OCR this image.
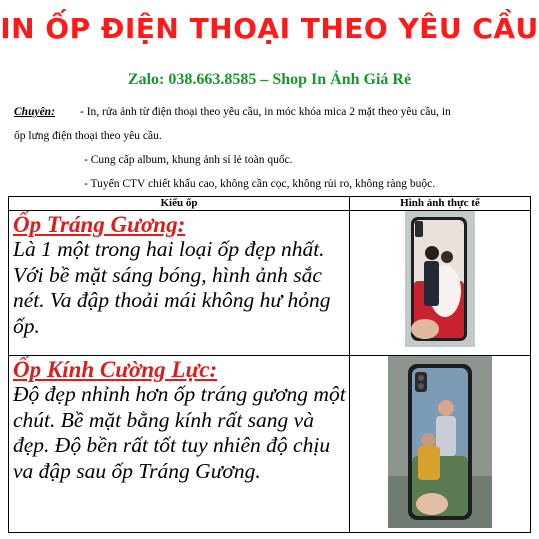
IN ỐP ĐIỆN THOẠI THEO YÊU CẦU
Zalo: 038.663.8585 – Shop In Ảnh Giá Rẻ
Chuyên: - In, rửa ảnh từ điện thoại theo yêu cầu, in móc khóa mica 2 mặt theo yêu cầu, in
ốp lưng điện thoại theo yêu cầu.
- Cung cấp album, khung ảnh sỉ lẻ toàn quốc.
- Tuyển CTV chiết khấu cao, không cần cọc, không rủi ro, không ràng buộc.
Kiểu ốp	Hình ảnh thực tế

Ốp Tráng Gương:
Là 1 một trong hai loại ốp đẹp nhất. Với bề mặt sáng bóng, hình ảnh sắc nét. Va đập thoải mái không hư hỏng ốp.

Ốp Kính Cường Lực:
Độ đẹp nhỉnh hơn ốp tráng gương một chút. Bề mặt bằng kính rất sang và đẹp. Độ bền rất tốt tuy nhiên độ chịu va đập sau ốp Tráng Gương.
